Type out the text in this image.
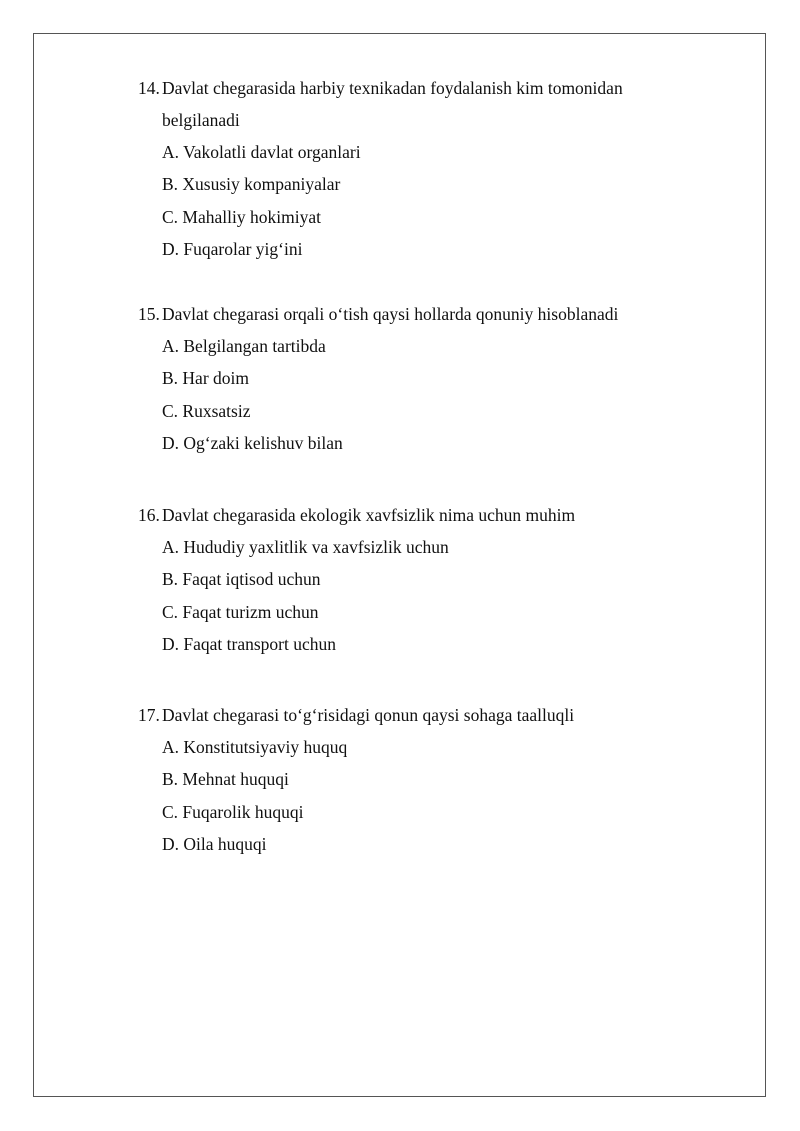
14. Davlat chegarasida harbiy texnikadan foydalanish kim tomonidan belgilanadi
A. Vakolatli davlat organlari
B. Xususiy kompaniyalar
C. Mahalliy hokimiyat
D. Fuqarolar yig‘ini
15. Davlat chegarasi orqali o‘tish qaysi hollarda qonuniy hisoblanadi
A. Belgilangan tartibda
B. Har doim
C. Ruxsatsiz
D. Og‘zaki kelishuv bilan
16. Davlat chegarasida ekologik xavfsizlik nima uchun muhim
A. Hududiy yaxlitlik va xavfsizlik uchun
B. Faqat iqtisod uchun
C. Faqat turizm uchun
D. Faqat transport uchun
17. Davlat chegarasi to‘g‘risidagi qonun qaysi sohaga taalluqli
A. Konstitutsiyaviy huquq
B. Mehnat huquqi
C. Fuqarolik huquqi
D. Oila huquqi
